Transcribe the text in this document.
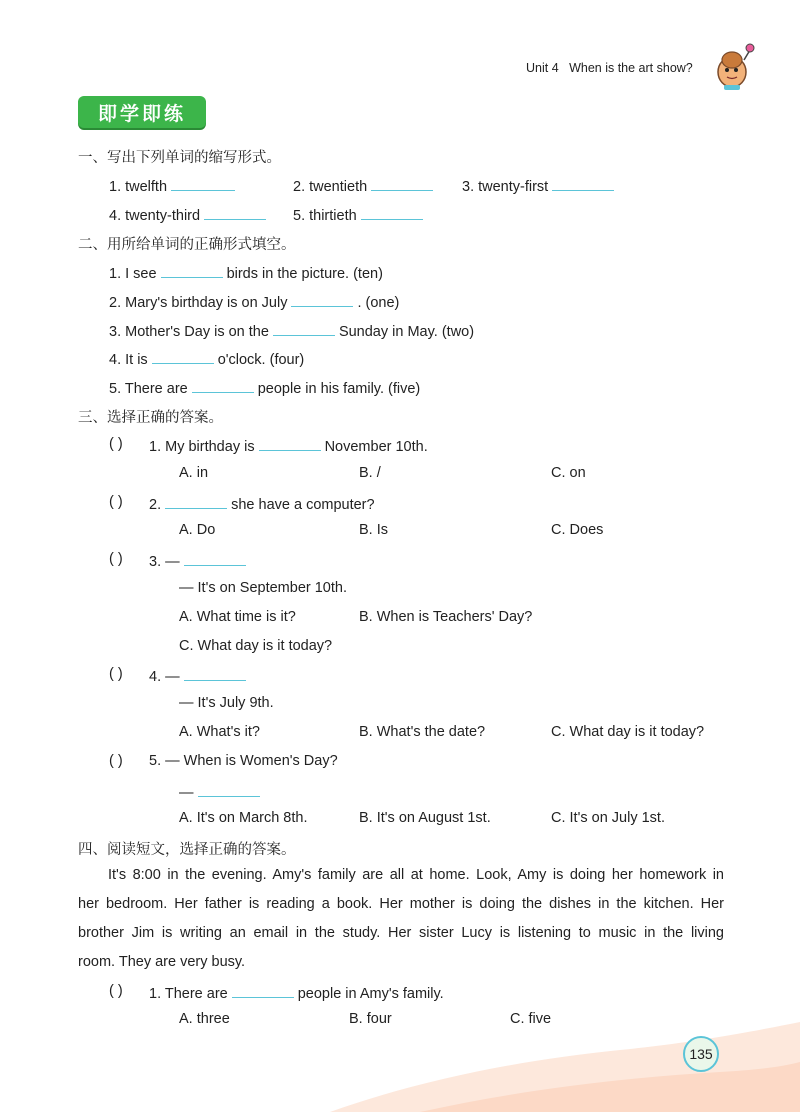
Unit 4 When is the art show?
即学即练
一、写出下列单词的缩写形式。
1. twelfth	2. twentieth	3. twenty-first
4. twenty-third	5. thirtieth
二、用所给单词的正确形式填空。
1. I see	birds in the picture. (ten)
2. Mary's birthday is on July	. (one)
3. Mother's Day is on the	Sunday in May. (two)
4. It is	o'clock. (four)
5. There are	people in his family. (five)
三、选择正确的答案。
( ) 1. My birthday is	November 10th.
A. in	B. /	C. on
( ) 2.	she have a computer?
A. Do	B. Is	C. Does
( ) 3. —
— It's on September 10th.
A. What time is it?	B. When is Teachers' Day?
C. What day is it today?
( ) 4. —
— It's July 9th.
A. What's it?	B. What's the date?	C. What day is it today?
( ) 5. — When is Women's Day?
—
A. It's on March 8th.	B. It's on August 1st.	C. It's on July 1st.
四、阅读短文，选择正确的答案。
It's 8:00 in the evening. Amy's family are all at home. Look, Amy is doing her homework in
her bedroom. Her father is reading a book. Her mother is doing the dishes in the kitchen. Her
brother Jim is writing an email in the study. Her sister Lucy is listening to music in the living
room. They are very busy.
( ) 1. There are	people in Amy's family.
A. three	B. four	C. five
135
